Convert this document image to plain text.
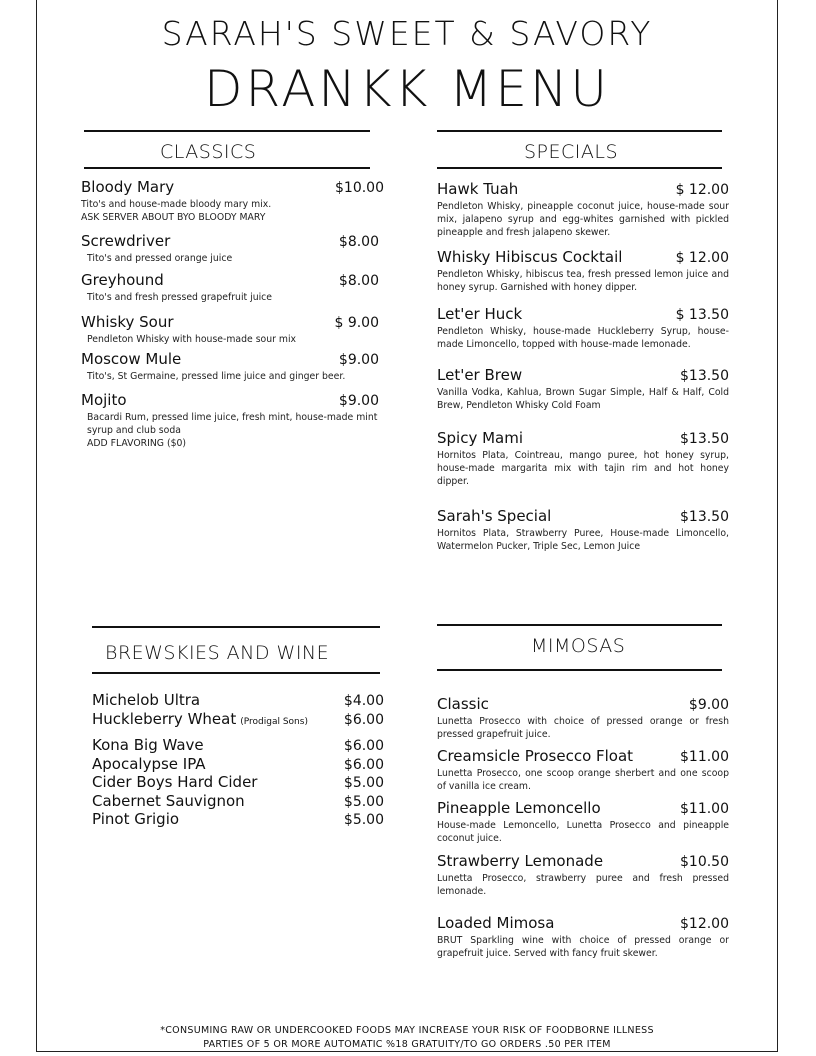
SARAH'S SWEET & SAVORY
DRANKK MENU
CLASSICS
Bloody Mary	$10.00
Tito's and house-made bloody mary mix.
ASK SERVER ABOUT BYO BLOODY MARY
Screwdriver	$8.00
Tito's and pressed orange juice
Greyhound	$8.00
Tito's and fresh pressed grapefruit juice
Whisky Sour	$ 9.00
Pendleton Whisky with house-made sour mix
Moscow Mule	$9.00
Tito's, St Germaine, pressed lime juice and ginger beer.
Mojito	$9.00
Bacardi Rum, pressed lime juice, fresh mint, house-made mint syrup and club soda
ADD FLAVORING ($0)
SPECIALS
Hawk Tuah	$ 12.00
Pendleton Whisky, pineapple coconut juice, house-made sour mix, jalapeno syrup and egg-whites garnished with pickled pineapple and fresh jalapeno skewer.
Whisky Hibiscus Cocktail	$ 12.00
Pendleton Whisky, hibiscus tea, fresh pressed lemon juice and honey syrup. Garnished with honey dipper.
Let'er Huck	$ 13.50
Pendleton Whisky, house-made Huckleberry Syrup, house-made Limoncello, topped with house-made lemonade.
Let'er Brew	$13.50
Vanilla Vodka, Kahlua, Brown Sugar Simple, Half & Half, Cold Brew, Pendleton Whisky Cold Foam
Spicy Mami	$13.50
Hornitos Plata, Cointreau, mango puree, hot honey syrup, house-made margarita mix with tajin rim and hot honey dipper.
Sarah's Special	$13.50
Hornitos Plata, Strawberry Puree, House-made Limoncello, Watermelon Pucker, Triple Sec, Lemon Juice
BREWSKIES AND WINE
Michelob Ultra	$4.00
Huckleberry Wheat (Prodigal Sons)	$6.00
Kona Big Wave	$6.00
Apocalypse IPA	$6.00
Cider Boys Hard Cider	$5.00
Cabernet Sauvignon	$5.00
Pinot Grigio	$5.00
MIMOSAS
Classic	$9.00
Lunetta Prosecco with choice of pressed orange or fresh pressed grapefruit juice.
Creamsicle Prosecco Float	$11.00
Lunetta Prosecco, one scoop orange sherbert and one scoop of vanilla ice cream.
Pineapple Lemoncello	$11.00
House-made Lemoncello, Lunetta Prosecco and pineapple coconut juice.
Strawberry Lemonade	$10.50
Lunetta Prosecco, strawberry puree and fresh pressed lemonade.
Loaded Mimosa	$12.00
BRUT Sparkling wine with choice of pressed orange or grapefruit juice. Served with fancy fruit skewer.
*CONSUMING RAW OR UNDERCOOKED FOODS MAY INCREASE YOUR RISK OF FOODBORNE ILLNESS
PARTIES OF 5 OR MORE AUTOMATIC %18 GRATUITY/TO GO ORDERS .50 PER ITEM
